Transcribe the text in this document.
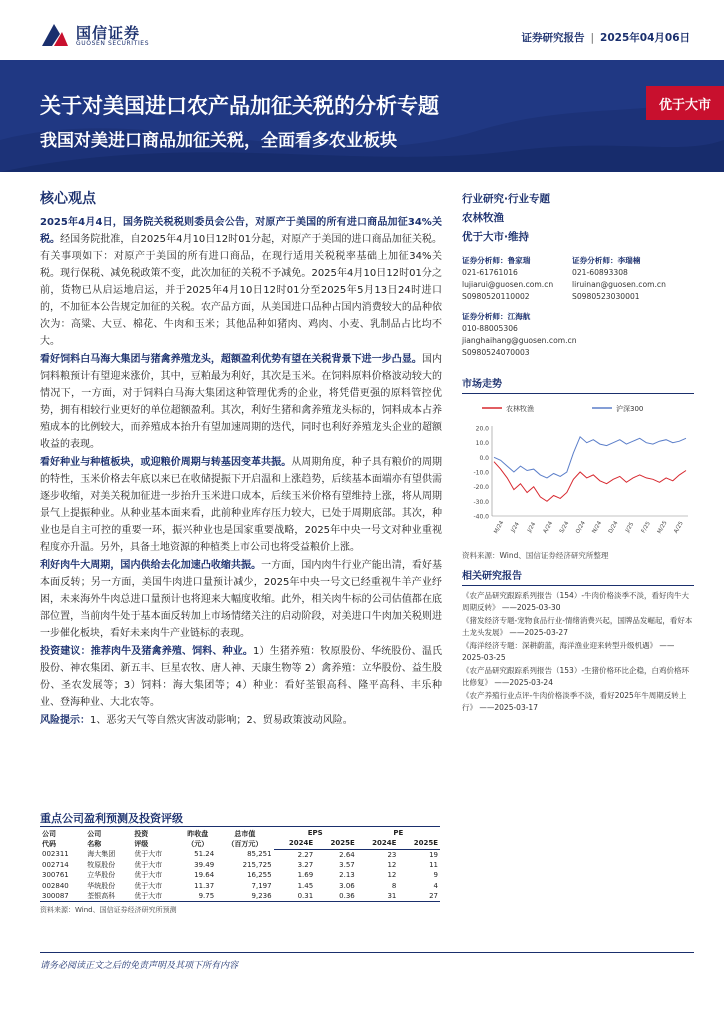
国信证券
GUOSEN SECURITIES	证券研究报告 | 2025年04月06日
关于对美国进口农产品加征关税的分析专题
我国对美进口商品加征关税，全面看多农业板块
优于大市
核心观点

2025年4月4日，国务院关税税则委员会公告，对原产于美国的所有进口商品加征34%关税。经国务院批准，自2025年4月10日12时01分起，对原产于美国的进口商品加征关税。有关事项如下：对原产于美国的所有进口商品，在现行适用关税税率基础上加征34%关税。现行保税、减免税政策不变，此次加征的关税不予减免。2025年4月10日12时01分之前，货物已从启运地启运，并于2025年4月10日12时01分至2025年5月13日24时进口的，不加征本公告规定加征的关税。农产品方面，从美国进口品种占国内消费较大的品种依次为：高粱、大豆、棉花、牛肉和玉米；其他品种如猪肉、鸡肉、小麦、乳制品占比均不大。

看好饲料白马海大集团与猪禽养殖龙头，超额盈利优势有望在关税背景下进一步凸显。国内饲料粮预计有望迎来涨价，其中，豆粕最为利好，其次是玉米。在饲料原料价格波动较大的情况下，一方面，对于饲料白马海大集团这种管理优秀的企业，将凭借更强的原料管控优势，拥有相较行业更好的单位超额盈利。其次，利好生猪和禽养殖龙头标的，饲料成本占养殖成本的比例较大，而养殖成本抬升有望加速周期的迭代，同时也利好养殖龙头企业的超额收益的表现。

看好种业与种植板块，或迎粮价周期与转基因变革共振。从周期角度，种子具有粮价的周期的特性，玉米价格去年底以来已在收储提振下开启温和上涨趋势，后续基本面端亦有望供需逐步收缩，对美关税加征进一步抬升玉米进口成本，后续玉米价格有望维持上涨，将从周期景气上提振种业。从种业基本面来看，此前种业库存压力较大，已处于周期底部。其次，种业也是自主可控的重要一环，振兴种业也是国家重要战略，2025年中央一号文对种业重视程度亦升温。另外，具备土地资源的种植类上市公司也将受益粮价上涨。

利好肉牛大周期，国内供给去化加速凸收缩共振。一方面，国内肉牛行业产能出清，看好基本面反转；另一方面，美国牛肉进口量预计减少，2025年中央一号文已经重视牛羊产业纾困，未来海外牛肉总进口量预计也将迎来大幅度收缩。此外，相关肉牛标的公司估值都在底部位置，当前肉牛处于基本面反转加上市场情绪关注的启动阶段，对美进口牛肉加关税则进一步催化板块，看好未来肉牛产业链标的表现。

投资建议：推荐肉牛及猪禽养殖、饲料、种业。1）生猪养殖：牧原股份、华统股份、温氏股份、神农集团、新五丰、巨星农牧、唐人神、天康生物等 2）禽养殖：立华股份、益生股份、圣农发展等；3）饲料：海大集团等；4）种业：看好荃银高科、隆平高科、丰乐种业、登海种业、大北农等。

风险提示：1、恶劣天气等自然灾害波动影响；2、贸易政策波动风险。

行业研究·行业专题
农林牧渔
优于大市·维持
证券分析师：鲁家瑞
021-61761016
lujiarui@guosen.com.cn
S0980520110002
证券分析师：李瑞楠
021-60893308
liruinan@guosen.com.cn
S0980523030001
证券分析师：江海航
010-88005306
jianghaihang@guosen.com.cn
S0980524070003
市场走势
农林牧渔	沪深300
20.0
10.0
0.0
-10.0
-20.0
-30.0
-40.0
M/24 J/24 J/24 A/24 S/24 O/24 N/24 D/24 J/25 F/25 M/25 A/25
资料来源：Wind、国信证券经济研究所整理
相关研究报告
《农产品研究跟踪系列报告（154）-牛肉价格淡季不淡，看好肉牛大周期反转》 ——2025-03-30
《猪发经济专题-宠物食品行业-情绪消费兴起，国牌品发崛起，看好本土龙头发展》 ——2025-03-27
《海洋经济专题：深耕蔚蓝，海洋渔业迎来转型升级机遇》 ——2025-03-25
《农产品研究跟踪系列报告（153）-生猪价格环比企稳，白鸡价格环比修复》 ——2025-03-24
《农产养殖行业点评-牛肉价格淡季不淡，看好2025年牛周期反转上行》 ——2025-03-17
重点公司盈利预测及投资评级
公司
代码	公司
名称	投资
评级	昨收盘
（元）	总市值
（百万元）	EPS		PE	
					2024E	2025E	2024E	2025E
002311	海大集团	优于大市	51.24	85,251	2.27	2.64	23	19
002714	牧原股份	优于大市	39.49	215,725	3.27	3.57	12	11
300761	立华股份	优于大市	19.64	16,255	1.69	2.13	12	9
002840	华统股份	优于大市	11.37	7,197	1.45	3.06	8	4
300087	荃银高科	优于大市	9.75	9,236	0.31	0.36	31	27
资料来源：Wind、国信证券经济研究所预测
请务必阅读正文之后的免责声明及其项下所有内容
